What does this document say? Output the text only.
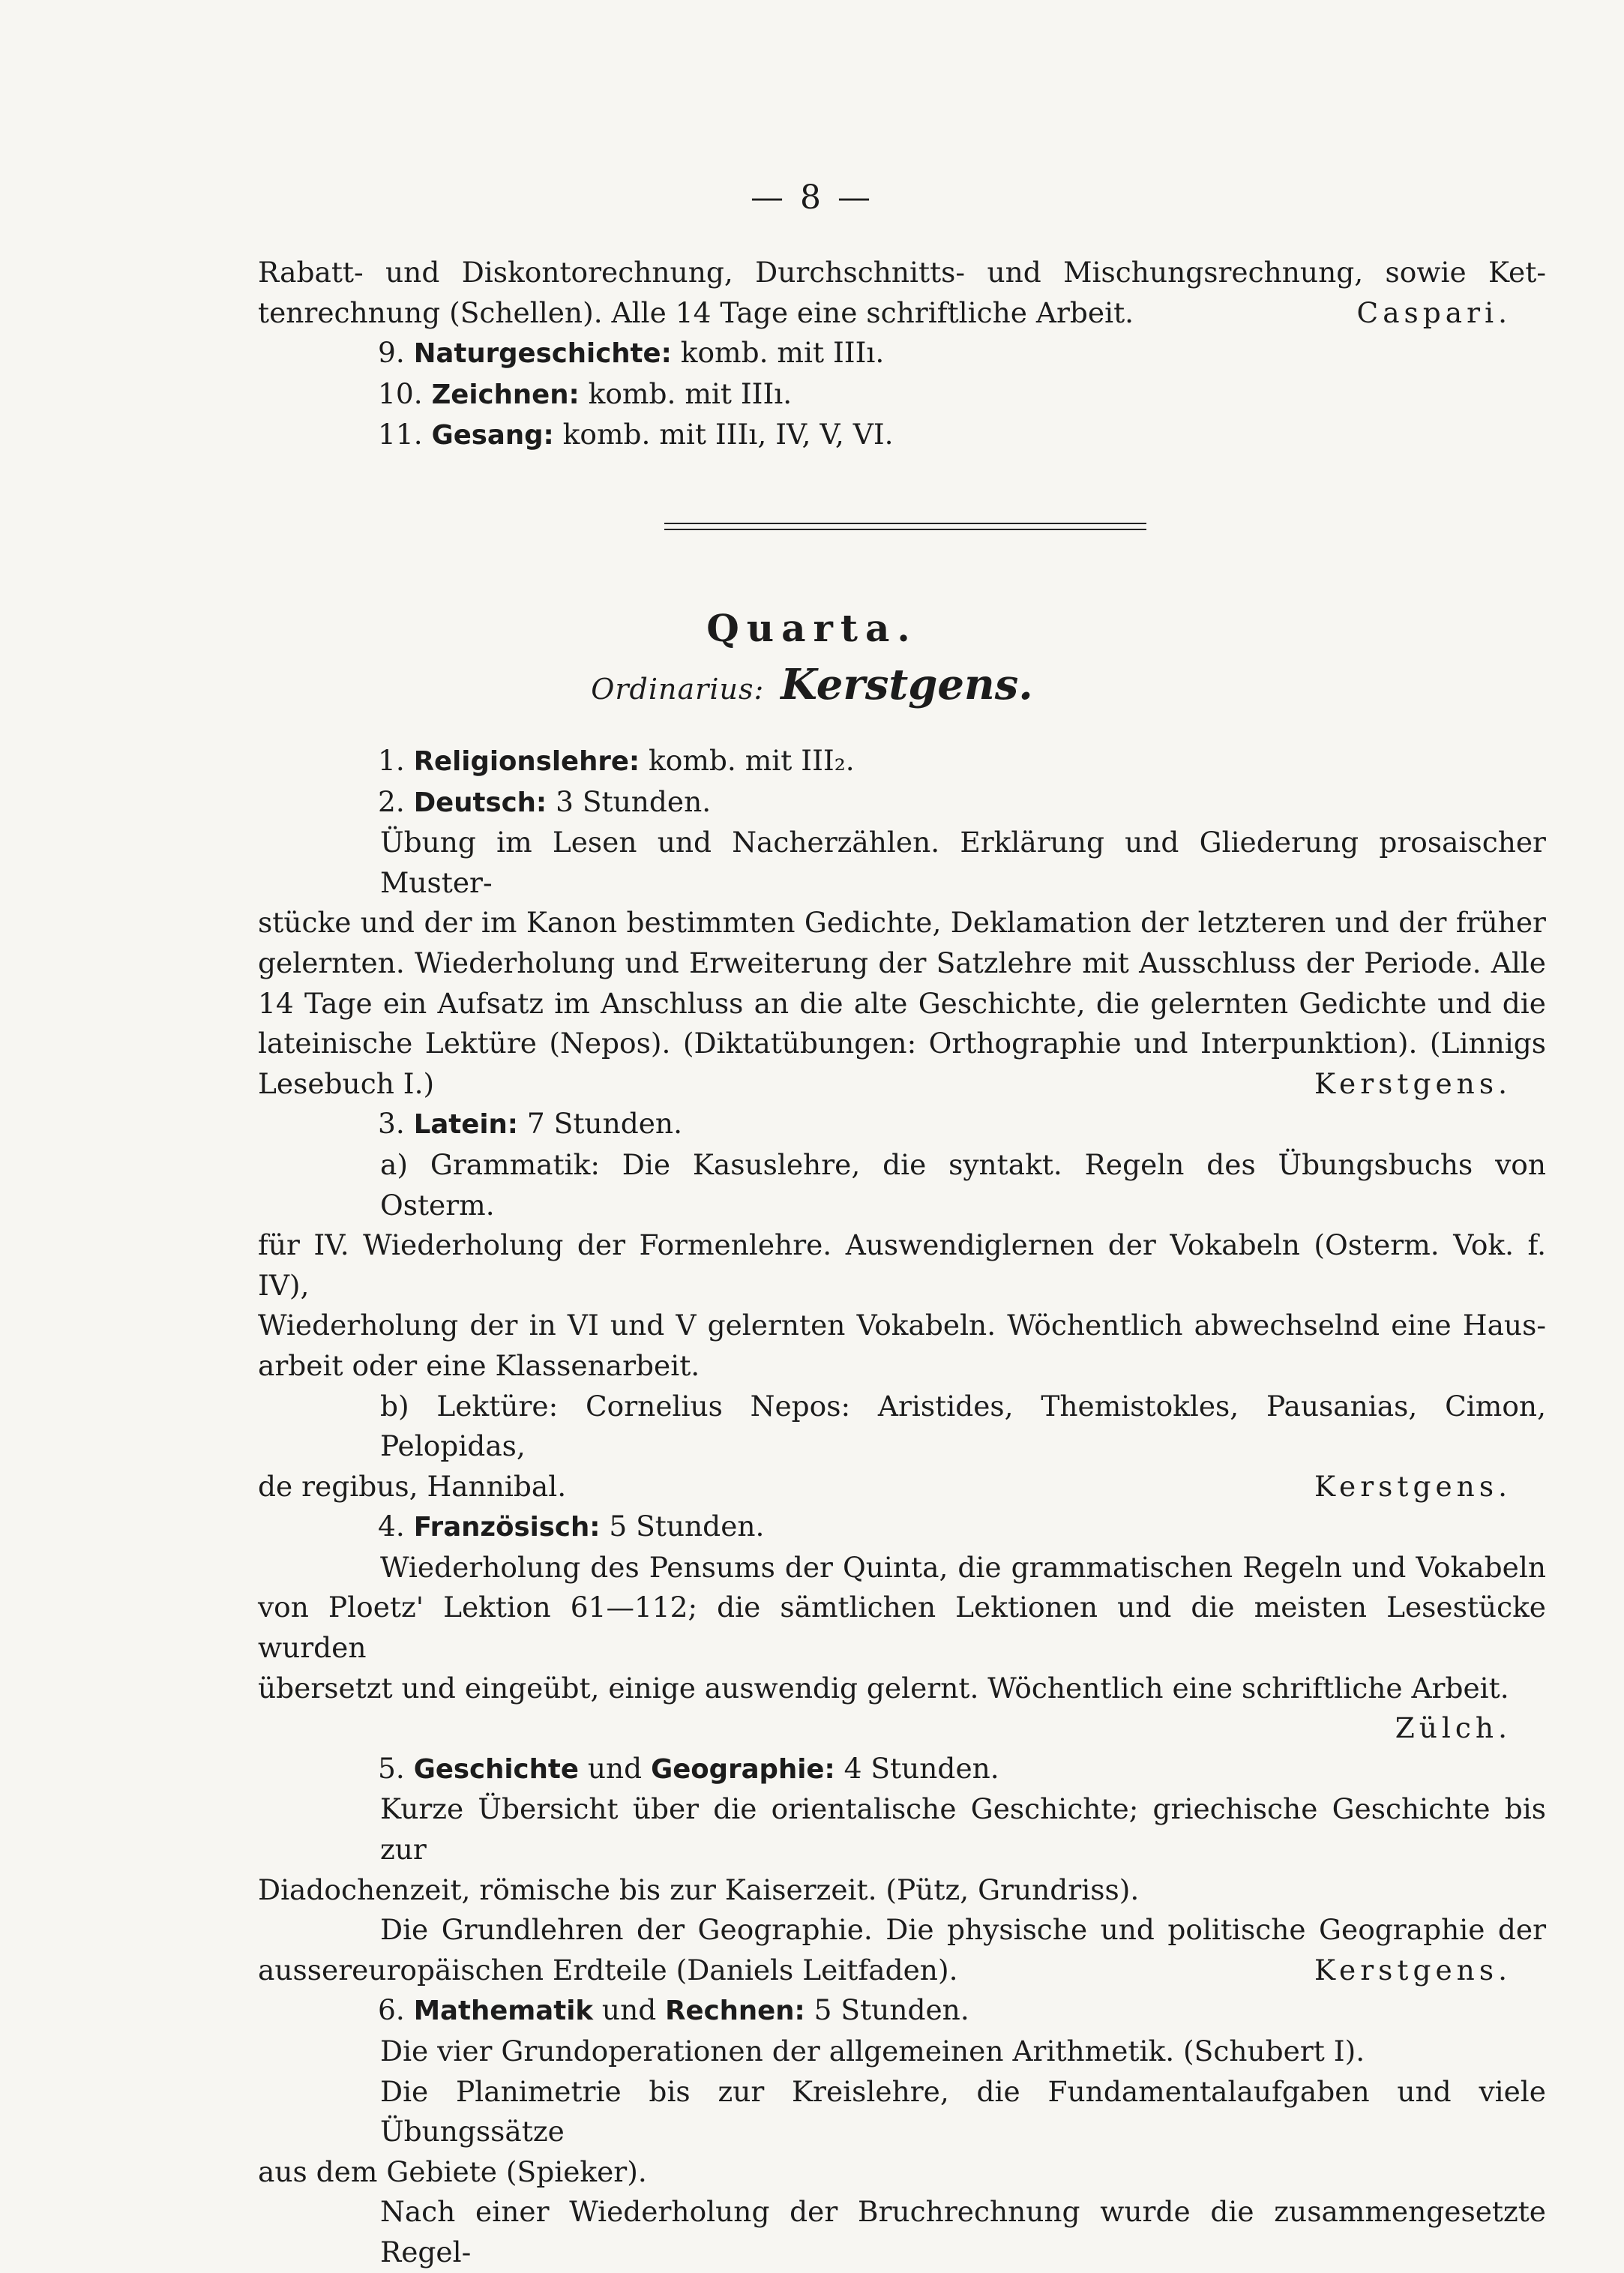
— 8 —
Rabatt- und Diskontorechnung, Durchschnitts- und Mischungsrechnung, sowie Ket-
tenrechnung (Schellen). Alle 14 Tage eine schriftliche Arbeit.	Caspari.
9. Naturgeschichte: komb. mit IIIı.
10. Zeichnen: komb. mit IIIı.
11. Gesang: komb. mit IIIı, IV, V, VI.
Quarta.
Ordinarius: Kerstgens.
1. Religionslehre: komb. mit III₂.
2. Deutsch: 3 Stunden.
Übung im Lesen und Nacherzählen. Erklärung und Gliederung prosaischer Muster-
stücke und der im Kanon bestimmten Gedichte, Deklamation der letzteren und der früher
gelernten. Wiederholung und Erweiterung der Satzlehre mit Ausschluss der Periode. Alle
14 Tage ein Aufsatz im Anschluss an die alte Geschichte, die gelernten Gedichte und die
lateinische Lektüre (Nepos). (Diktatübungen: Orthographie und Interpunktion). (Linnigs
Lesebuch I.)	Kerstgens.
3. Latein: 7 Stunden.
a) Grammatik: Die Kasuslehre, die syntakt. Regeln des Übungsbuchs von Osterm.
für IV. Wiederholung der Formenlehre. Auswendiglernen der Vokabeln (Osterm. Vok. f. IV),
Wiederholung der in VI und V gelernten Vokabeln. Wöchentlich abwechselnd eine Haus-
arbeit oder eine Klassenarbeit.
b) Lektüre: Cornelius Nepos: Aristides, Themistokles, Pausanias, Cimon, Pelopidas,
de regibus, Hannibal.	Kerstgens.
4. Französisch: 5 Stunden.
Wiederholung des Pensums der Quinta, die grammatischen Regeln und Vokabeln
von Ploetz' Lektion 61—112; die sämtlichen Lektionen und die meisten Lesestücke wurden
übersetzt und eingeübt, einige auswendig gelernt. Wöchentlich eine schriftliche Arbeit.

Zülch.
5. Geschichte und Geographie: 4 Stunden.
Kurze Übersicht über die orientalische Geschichte; griechische Geschichte bis zur
Diadochenzeit, römische bis zur Kaiserzeit. (Pütz, Grundriss).
Die Grundlehren der Geographie. Die physische und politische Geographie der
aussereuropäischen Erdteile (Daniels Leitfaden).	Kerstgens.
6. Mathematik und Rechnen: 5 Stunden.
Die vier Grundoperationen der allgemeinen Arithmetik. (Schubert I).
Die Planimetrie bis zur Kreislehre, die Fundamentalaufgaben und viele Übungssätze
aus dem Gebiete (Spieker).
Nach einer Wiederholung der Bruchrechnung wurde die zusammengesetzte Regel-
